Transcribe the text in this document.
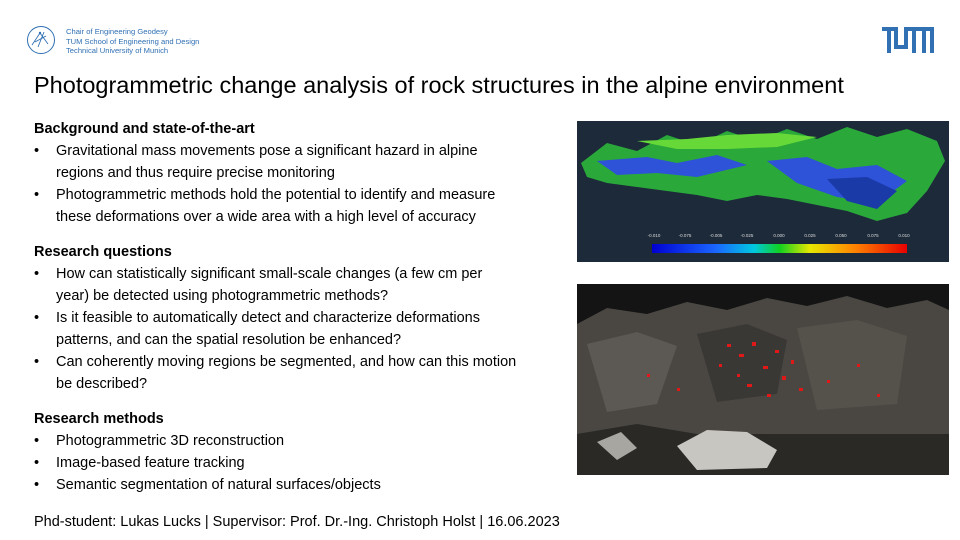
Chair of Engineering Geodesy
TUM School of Engineering and Design
Technical University of Munich
Photogrammetric change analysis of rock structures in the alpine environment
Background and state-of-the-art
• Gravitational mass movements pose a significant hazard in alpine
regions and thus require precise monitoring
• Photogrammetric methods hold the potential to identify and measure
these deformations over a wide area with a high level of accuracy
Research questions
• How can statistically significant small-scale changes (a few cm per
year) be detected using photogrammetric methods?
• Is it feasible to automatically detect and characterize deformations
patterns, and can the spatial resolution be enhanced?
• Can coherently moving regions be segmented, and how can this motion
be described?
Research methods
• Photogrammetric 3D reconstruction
• Image-based feature tracking
• Semantic segmentation of natural surfaces/objects
-0.010	-0.075	-0.005	-0.025	0.000	0.025	0.050	0.075	0.010
Phd-student: Lukas Lucks | Supervisor: Prof. Dr.-Ing. Christoph Holst | 16.06.2023
